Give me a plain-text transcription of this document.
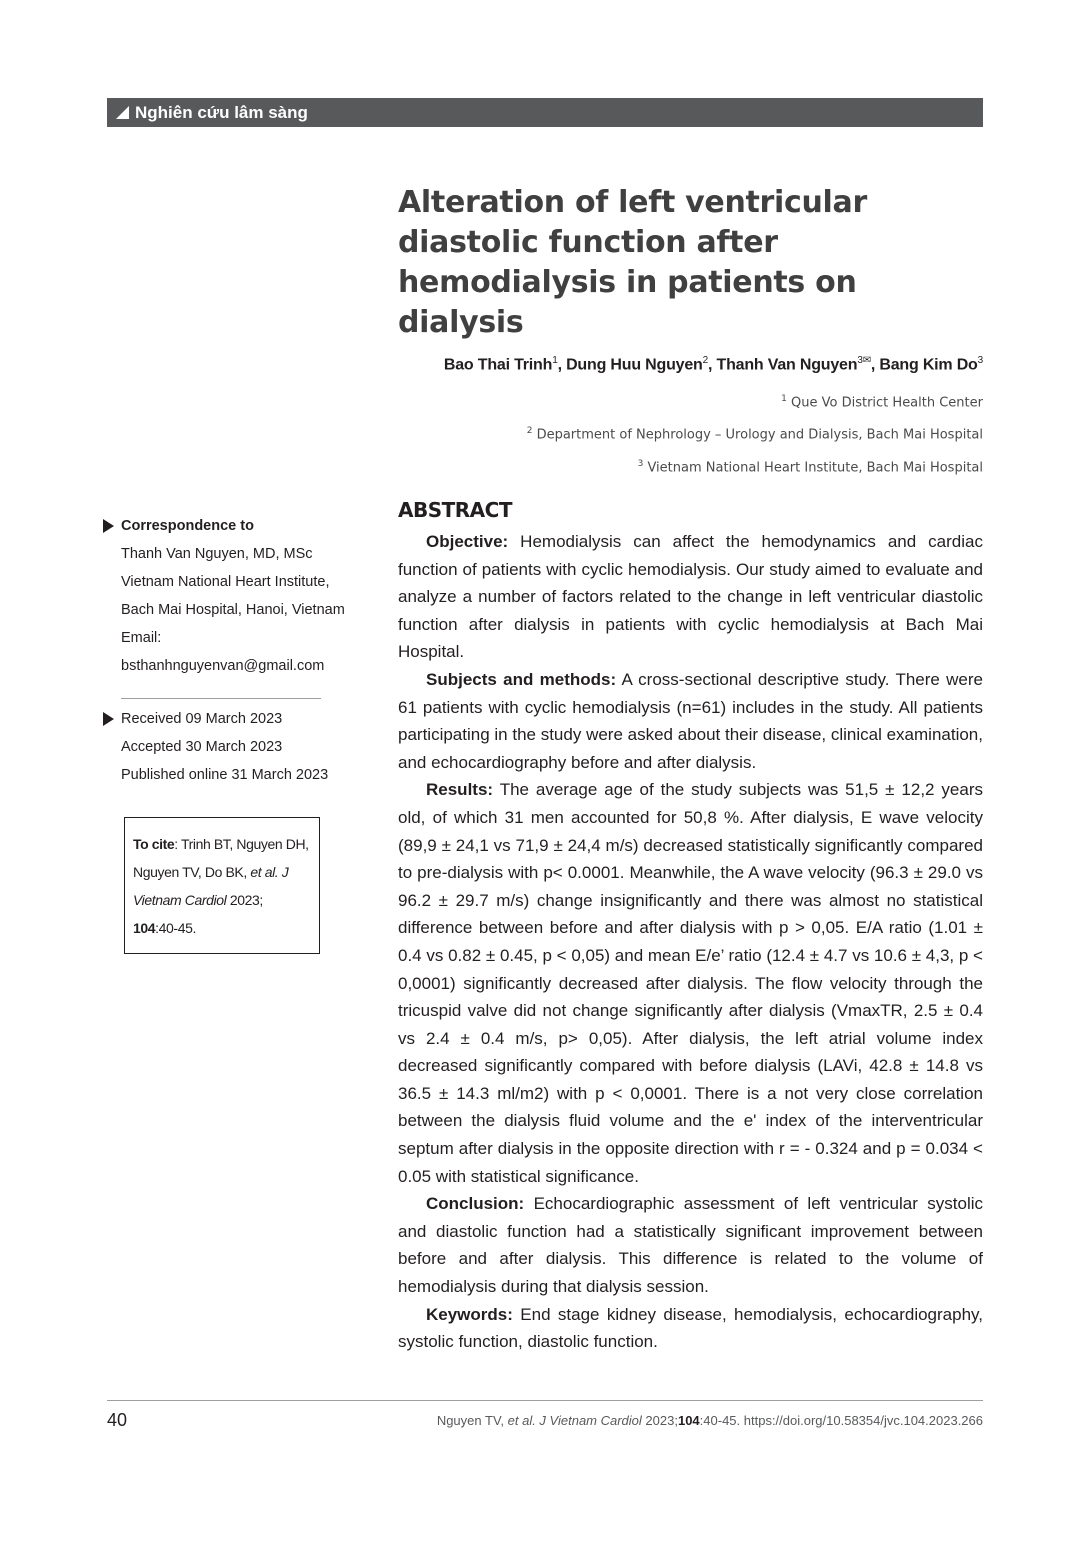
Nghiên cứu lâm sàng
Alteration of left ventricular diastolic function after hemodialysis in patients on dialysis
Bao Thai Trinh$^1$, Dung Huu Nguyen$^2$, Thanh Van Nguyen$^{3✉}$, Bang Kim Do$^3$
$^1$ Que Vo District Health Center
$^2$ Department of Nephrology – Urology and Dialysis, Bach Mai Hospital
$^3$ Vietnam National Heart Institute, Bach Mai Hospital
Correspondence to
Thanh Van Nguyen, MD, MSc
Vietnam National Heart Institute,
Bach Mai Hospital, Hanoi, Vietnam
Email: bsthanhnguyenvan@gmail.com
Received 09 March 2023
Accepted 30 March 2023
Published online 31 March 2023
To cite: Trinh BT, Nguyen DH, Nguyen TV, Do BK, et al. J Vietnam Cardiol 2023; 104:40-45.
ABSTRACT

Objective: Hemodialysis can affect the hemodynamics and cardiac function of patients with cyclic hemodialysis. Our study aimed to evaluate and analyze a number of factors related to the change in left ventricular diastolic function after dialysis in patients with cyclic hemodialysis at Bach Mai Hospital.

Subjects and methods: A cross-sectional descriptive study. There were 61 patients with cyclic hemodialysis (n=61) includes in the study. All patients participating in the study were asked about their disease, clinical examination, and echocardiography before and after dialysis.

Results: The average age of the study subjects was 51,5 ± 12,2 years old, of which 31 men accounted for 50,8 %. After dialysis, E wave velocity (89,9 ± 24,1 vs 71,9 ± 24,4 m/s) decreased statistically significantly compared to pre-dialysis with p< 0.0001. Meanwhile, the A wave velocity (96.3 ± 29.0 vs 96.2 ± 29.7 m/s) change insignificantly and there was almost no statistical difference between before and after dialysis with p > 0,05. E/A ratio (1.01 ± 0.4 vs 0.82 ± 0.45, p < 0,05) and mean E/e’ ratio (12.4 ± 4.7 vs 10.6 ± 4,3, p < 0,0001) significantly decreased after dialysis. The flow velocity through the tricuspid valve did not change significantly after dialysis (VmaxTR, 2.5 ± 0.4 vs 2.4 ± 0.4 m/s, p> 0,05). After dialysis, the left atrial volume index decreased significantly compared with before dialysis (LAVi, 42.8 ± 14.8 vs 36.5 ± 14.3 ml/m2) with p < 0,0001. There is a not very close correlation between the dialysis fluid volume and the e' index of the interventricular septum after dialysis in the opposite direction with r = - 0.324 and p = 0.034 < 0.05 with statistical significance.

Conclusion: Echocardiographic assessment of left ventricular systolic and diastolic function had a statistically significant improvement between before and after dialysis. This difference is related to the volume of hemodialysis during that dialysis session.

Keywords: End stage kidney disease, hemodialysis, echocardiography, systolic function, diastolic function.

40	Nguyen TV, et al. J Vietnam Cardiol 2023;104:40-45. https://doi.org/10.58354/jvc.104.2023.266
